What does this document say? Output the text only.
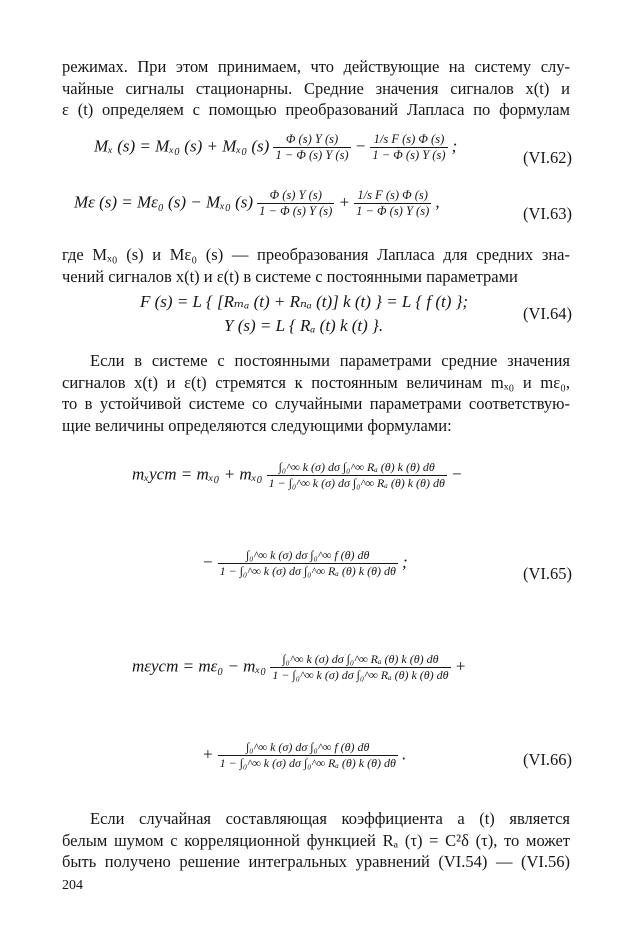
режимах. При этом принимаем, что действующие на систему слу-
чайные сигналы стационарны. Средние значения сигналов x(t) и
ε (t) определяем с помощью преобразований Лапласа по формулам
Mₓ (s) = Mₓ₀ (s) + Mₓ₀ $(s) \frac{\Phi (s) Y (s)}{1 - \Phi (s) Y (s)} - \frac{\text{1/s F (s) Φ (s)}}{1 - \Phi (s) Y (s)}$ ;
(VI.62)
Mε (s) = Mε₀ (s) − Mₓ₀ $(s) \frac{\Phi (s) Y (s)}{1 - \Phi (s) Y (s)} + \frac{\text{1/s F (s) Φ (s)}}{1 - \Phi (s) Y (s)}$ ,
(VI.63)
где Mₓ₀ (s) и Mε₀ (s) — преобразования Лапласа для средних зна-
чений сигналов x(t) и ε(t) в системе с постоянными параметрами
F (s) = L { [Rₘₐ (t) + Rₙₐ (t)] k (t) } = L { f (t) };
Y (s) = L { Rₐ (t) k (t) }.
(VI.64)
Если в системе с постоянными параметрами средние значения
сигналов x(t) и ε(t) стремятся к постоянным величинам mₓ₀ и mε₀,
то в устойчивой системе со случайными параметрами соответствую-
щие величины определяются следующими формулами:
$m_xуст = m_{x0} + m_{x0} \frac{\text{∫₀\textasciicircum{}∞ k (σ) dσ ∫₀\textasciicircum{}∞ Rₐ (θ) k (θ) dθ}}{\text{1 − ∫₀\textasciicircum{}∞ k (σ) dσ ∫₀\textasciicircum{}∞ Rₐ (θ) k (θ) dθ}}$ −
− $\frac{\text{∫₀\textasciicircum{}∞ k (σ) dσ ∫₀\textasciicircum{}∞ f (θ) dθ}}{\text{1 − ∫₀\textasciicircum{}∞ k (σ) dσ ∫₀\textasciicircum{}∞ Rₐ (θ) k (θ) dθ}}$ ;
(VI.65)
$m\varepsilon уст = m\varepsilon_0 - m_{x0} \frac{\text{∫₀\textasciicircum{}∞ k (σ) dσ ∫₀\textasciicircum{}∞ Rₐ (θ) k (θ) dθ}}{\text{1 − ∫₀\textasciicircum{}∞ k (σ) dσ ∫₀\textasciicircum{}∞ Rₐ (θ) k (θ) dθ}}$ +
+ $\frac{\text{∫₀\textasciicircum{}∞ k (σ) dσ ∫₀\textasciicircum{}∞ f (θ) dθ}}{\text{1 − ∫₀\textasciicircum{}∞ k (σ) dσ ∫₀\textasciicircum{}∞ Rₐ (θ) k (θ) dθ}}$ .	(VI.66)
Если случайная составляющая коэффициента a (t) является
белым шумом с корреляционной функцией Rₐ (τ) = C²δ (τ), то может
быть получено решение интегральных уравнений (VI.54) — (VI.56)
204
